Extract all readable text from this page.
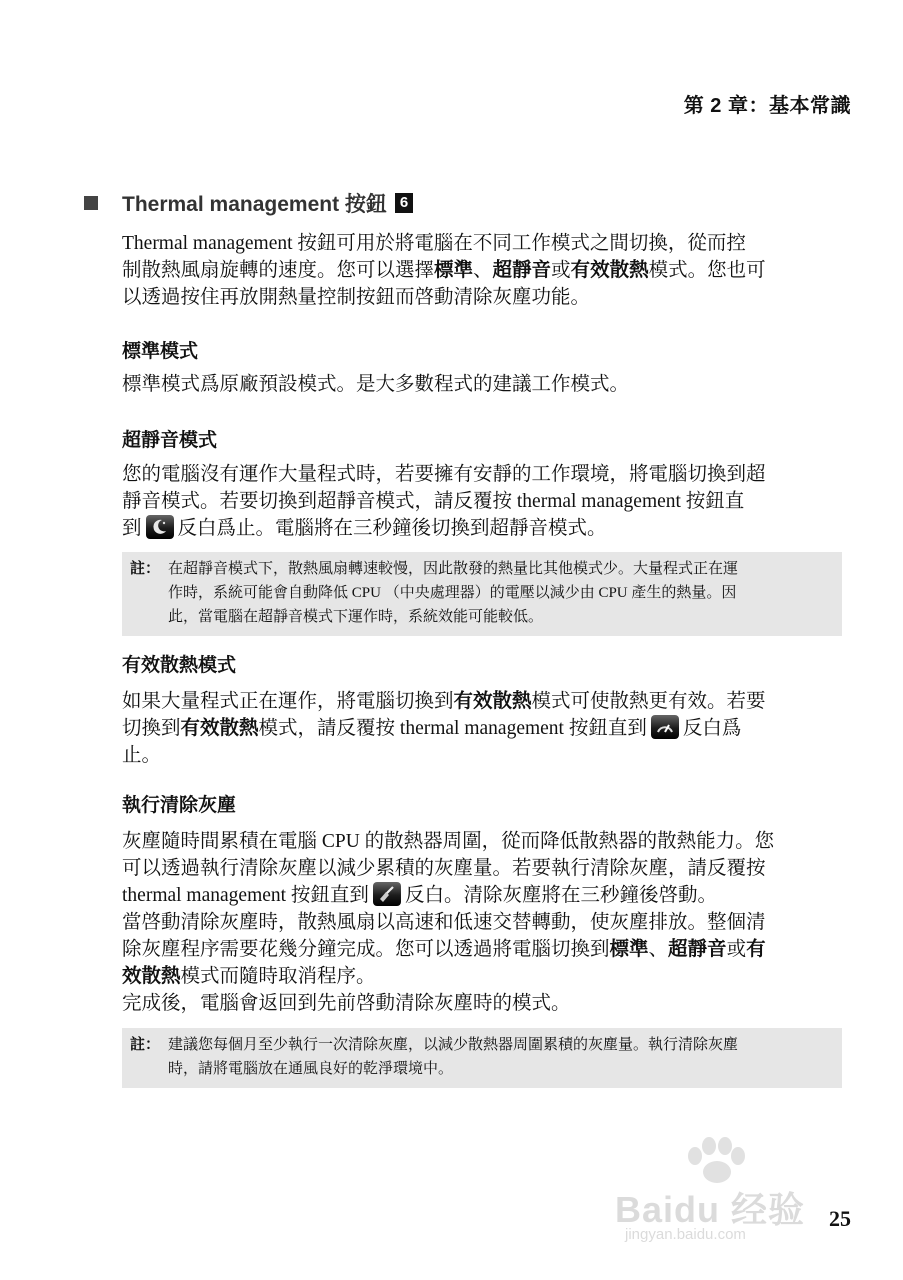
第 2 章：基本常識
Thermal management 按鈕 6

Thermal management 按鈕可用於將電腦在不同工作模式之間切換，從而控

制散熱風扇旋轉的速度。您可以選擇標準、超靜音或有效散熱模式。您也可

以透過按住再放開熱量控制按鈕而啓動清除灰塵功能。

標準模式

標準模式爲原廠預設模式。是大多數程式的建議工作模式。

超靜音模式

您的電腦沒有運作大量程式時，若要擁有安靜的工作環境，將電腦切換到超

靜音模式。若要切換到超靜音模式，請反覆按 thermal management 按鈕直

到 反白爲止。電腦將在三秒鐘後切換到超靜音模式。

註： 在超靜音模式下，散熱風扇轉速較慢，因此散發的熱量比其他模式少。大量程式正在運
作時，系統可能會自動降低 CPU （中央處理器）的電壓以減少由 CPU 產生的熱量。因
此，當電腦在超靜音模式下運作時，系統效能可能較低。

有效散熱模式

如果大量程式正在運作，將電腦切換到有效散熱模式可使散熱更有效。若要

切換到有效散熱模式，請反覆按 thermal management 按鈕直到 反白爲

止。

執行清除灰塵

灰塵隨時間累積在電腦 CPU 的散熱器周圍，從而降低散熱器的散熱能力。您

可以透過執行清除灰塵以減少累積的灰塵量。若要執行清除灰塵，請反覆按

thermal management 按鈕直到 反白。清除灰塵將在三秒鐘後啓動。

當啓動清除灰塵時，散熱風扇以高速和低速交替轉動，使灰塵排放。整個清

除灰塵程序需要花幾分鐘完成。您可以透過將電腦切換到標準、超靜音或有

效散熱模式而隨時取消程序。

完成後，電腦會返回到先前啓動清除灰塵時的模式。

註： 建議您每個月至少執行一次清除灰塵，以減少散熱器周圍累積的灰塵量。執行清除灰塵
時，請將電腦放在通風良好的乾淨環境中。
Baidu 经验
jingyan.baidu.com
25
